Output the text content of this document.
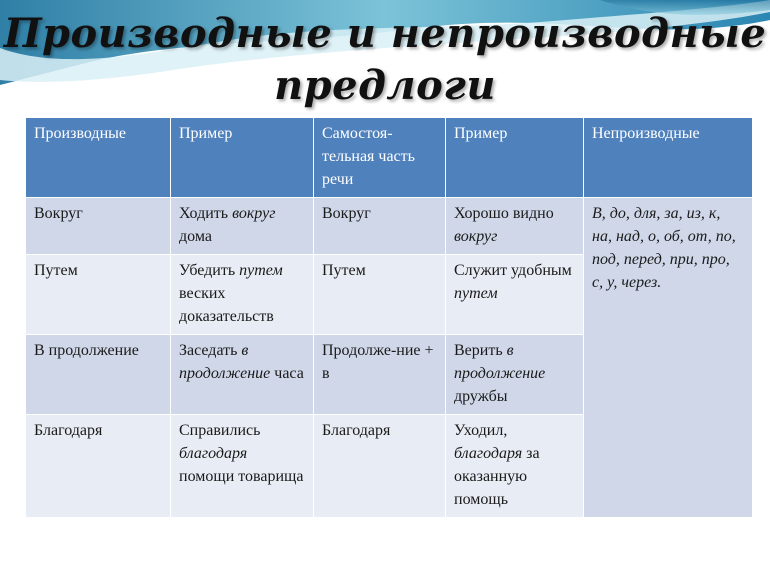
Производные и непроизводные
предлоги
Производные	Пример	Самостоя-тельная часть речи	Пример	Непроизводные
Вокруг	Ходить вокруг дома	Вокруг	Хорошо видно вокруг	В, до, для, за, из, к, на, над, о, об, от, по, под, перед, при, про, с, у, через.
Путем	Убедить путем веских доказательств	Путем	Служит удобным путем	
В продолжение	Заседать в продолжение часа	Продолже-ние + в	Верить в продолжение дружбы	
Благодаря	Справились благодаря помощи товарища	Благодаря	Уходил, благодаря за оказанную помощь	
